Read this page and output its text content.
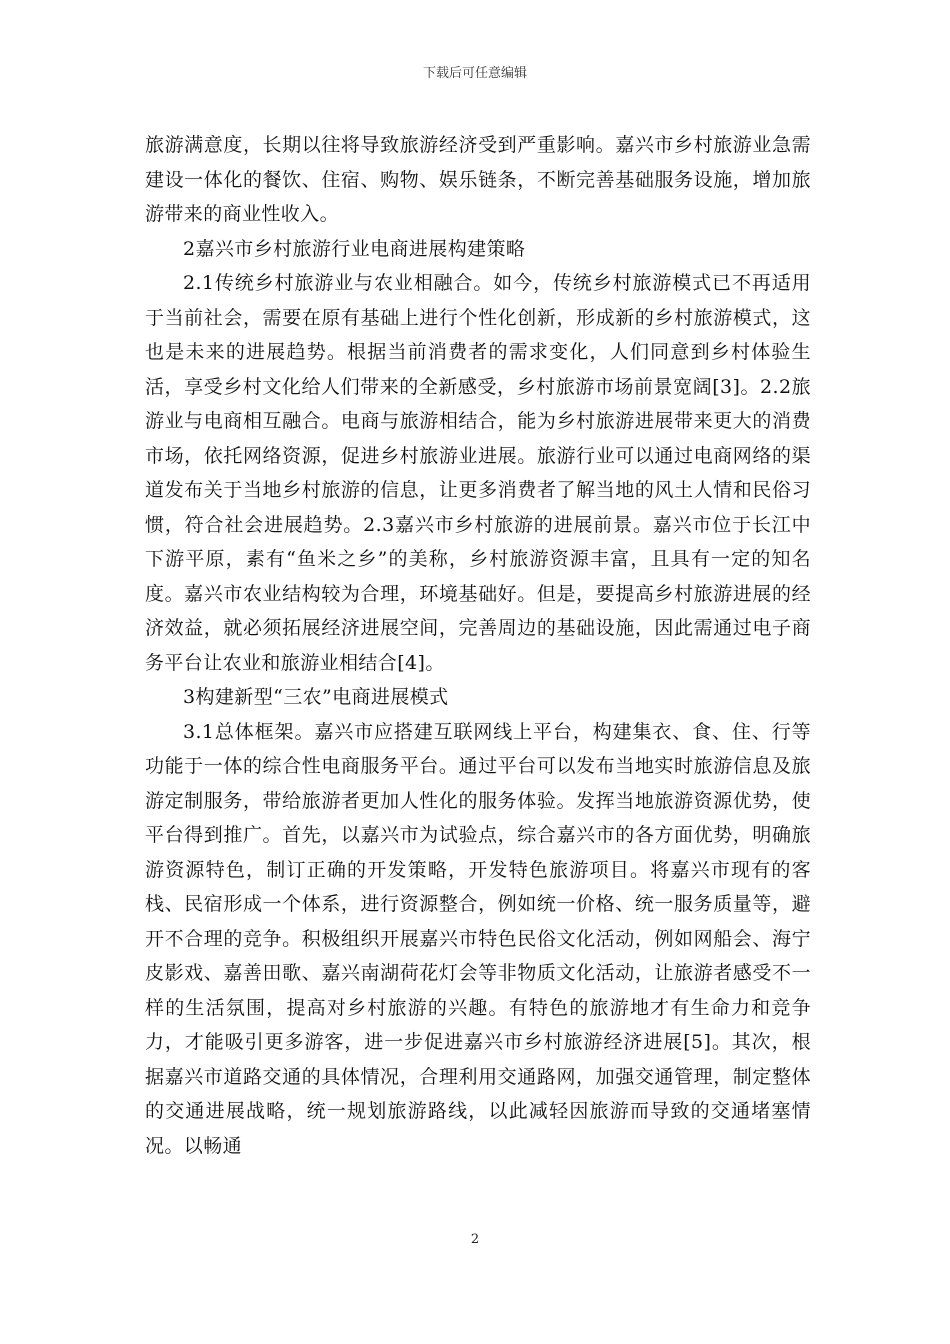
下载后可任意编辑

旅游满意度，长期以往将导致旅游经济受到严重影响。嘉兴市乡村旅游业急需建设一体化的餐饮、住宿、购物、娱乐链条，不断完善基础服务设施，增加旅游带来的商业性收入。

2嘉兴市乡村旅游行业电商进展构建策略

2.1传统乡村旅游业与农业相融合。如今，传统乡村旅游模式已不再适用于当前社会，需要在原有基础上进行个性化创新，形成新的乡村旅游模式，这也是未来的进展趋势。根据当前消费者的需求变化，人们同意到乡村体验生活，享受乡村文化给人们带来的全新感受，乡村旅游市场前景宽阔[3]。2.2旅游业与电商相互融合。电商与旅游相结合，能为乡村旅游进展带来更大的消费市场，依托网络资源，促进乡村旅游业进展。旅游行业可以通过电商网络的渠道发布关于当地乡村旅游的信息，让更多消费者了解当地的风土人情和民俗习惯，符合社会进展趋势。2.3嘉兴市乡村旅游的进展前景。嘉兴市位于长江中下游平原，素有“鱼米之乡”的美称，乡村旅游资源丰富，且具有一定的知名度。嘉兴市农业结构较为合理，环境基础好。但是，要提高乡村旅游进展的经济效益，就必须拓展经济进展空间，完善周边的基础设施，因此需通过电子商务平台让农业和旅游业相结合[4]。

3构建新型“三农”电商进展模式

3.1总体框架。嘉兴市应搭建互联网线上平台，构建集衣、食、住、行等功能于一体的综合性电商服务平台。通过平台可以发布当地实时旅游信息及旅游定制服务，带给旅游者更加人性化的服务体验。发挥当地旅游资源优势，使平台得到推广。首先，以嘉兴市为试验点，综合嘉兴市的各方面优势，明确旅游资源特色，制订正确的开发策略，开发特色旅游项目。将嘉兴市现有的客栈、民宿形成一个体系，进行资源整合，例如统一价格、统一服务质量等，避开不合理的竞争。积极组织开展嘉兴市特色民俗文化活动，例如网船会、海宁皮影戏、嘉善田歌、嘉兴南湖荷花灯会等非物质文化活动，让旅游者感受不一样的生活氛围，提高对乡村旅游的兴趣。有特色的旅游地才有生命力和竞争力，才能吸引更多游客，进一步促进嘉兴市乡村旅游经济进展[5]。其次，根据嘉兴市道路交通的具体情况，合理利用交通路网，加强交通管理，制定整体的交通进展战略，统一规划旅游路线，以此减轻因旅游而导致的交通堵塞情况。以畅通

2
